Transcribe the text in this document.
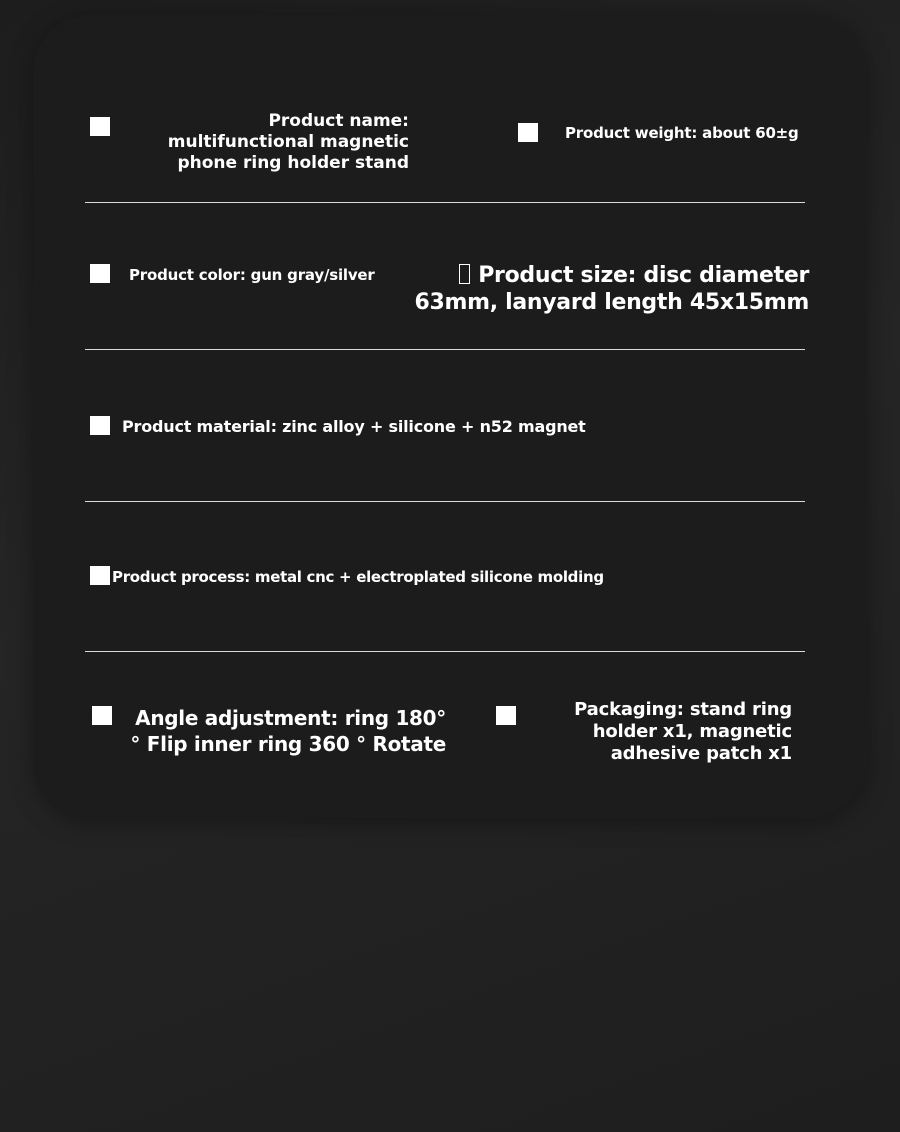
Product name:
multifunctional magnetic
phone ring holder stand
Product weight: about 60±g
Product color: gun gray/silver	Product size: disc diameter
63mm, lanyard length 45x15mm
Product material: zinc alloy + silicone + n52 magnet
Product process: metal cnc + electroplated silicone molding
Angle adjustment: ring 180°
° Flip inner ring 360 ° Rotate
Packaging: stand ring
holder x1, magnetic
adhesive patch x1
